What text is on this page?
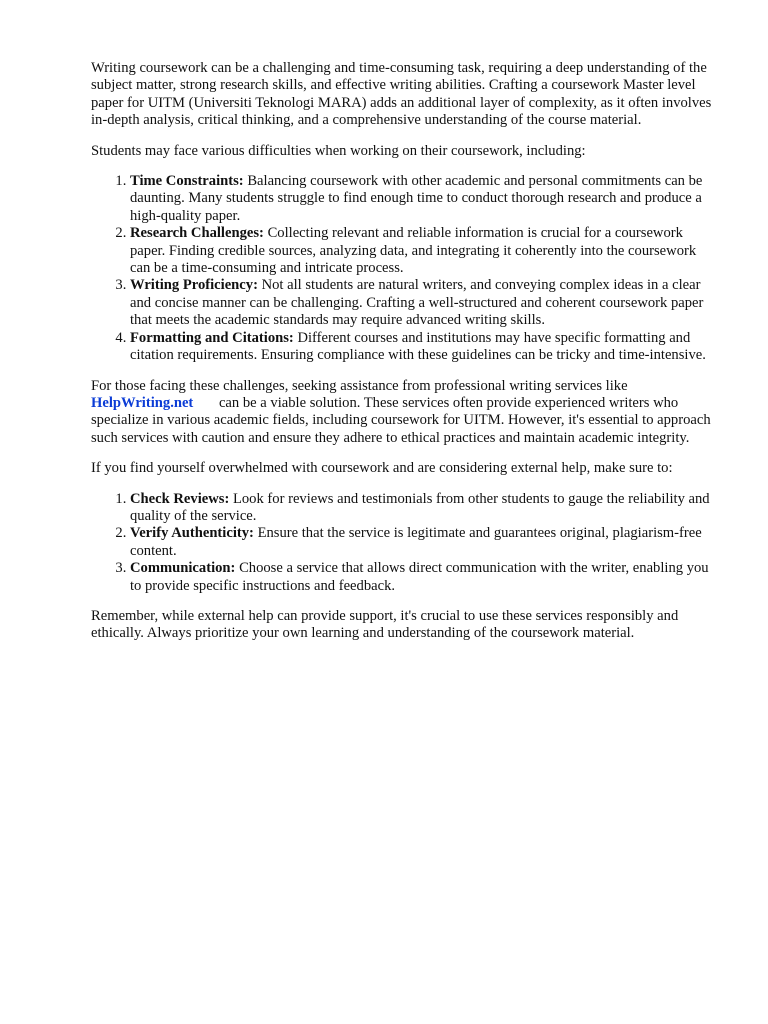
Writing coursework can be a challenging and time-consuming task, requiring a deep understanding of the subject matter, strong research skills, and effective writing abilities. Crafting a coursework Master level paper for UITM (Universiti Teknologi MARA) adds an additional layer of complexity, as it often involves in-depth analysis, critical thinking, and a comprehensive understanding of the course material.

Students may face various difficulties when working on their coursework, including:

1. Time Constraints: Balancing coursework with other academic and personal commitments can be daunting. Many students struggle to find enough time to conduct thorough research and produce a high-quality paper.
2. Research Challenges: Collecting relevant and reliable information is crucial for a coursework paper. Finding credible sources, analyzing data, and integrating it coherently into the coursework can be a time-consuming and intricate process.
3. Writing Proficiency: Not all students are natural writers, and conveying complex ideas in a clear and concise manner can be challenging. Crafting a well-structured and coherent coursework paper that meets the academic standards may require advanced writing skills.
4. Formatting and Citations: Different courses and institutions may have specific formatting and citation requirements. Ensuring compliance with these guidelines can be tricky and time-intensive.

For those facing these challenges, seeking assistance from professional writing services like
HelpWriting.net can be a viable solution. These services often provide experienced writers who specialize in various academic fields, including coursework for UITM. However, it's essential to approach such services with caution and ensure they adhere to ethical practices and maintain academic integrity.

If you find yourself overwhelmed with coursework and are considering external help, make sure to:

1. Check Reviews: Look for reviews and testimonials from other students to gauge the reliability and quality of the service.
2. Verify Authenticity: Ensure that the service is legitimate and guarantees original, plagiarism-free content.
3. Communication: Choose a service that allows direct communication with the writer, enabling you to provide specific instructions and feedback.

Remember, while external help can provide support, it's crucial to use these services responsibly and ethically. Always prioritize your own learning and understanding of the coursework material.
